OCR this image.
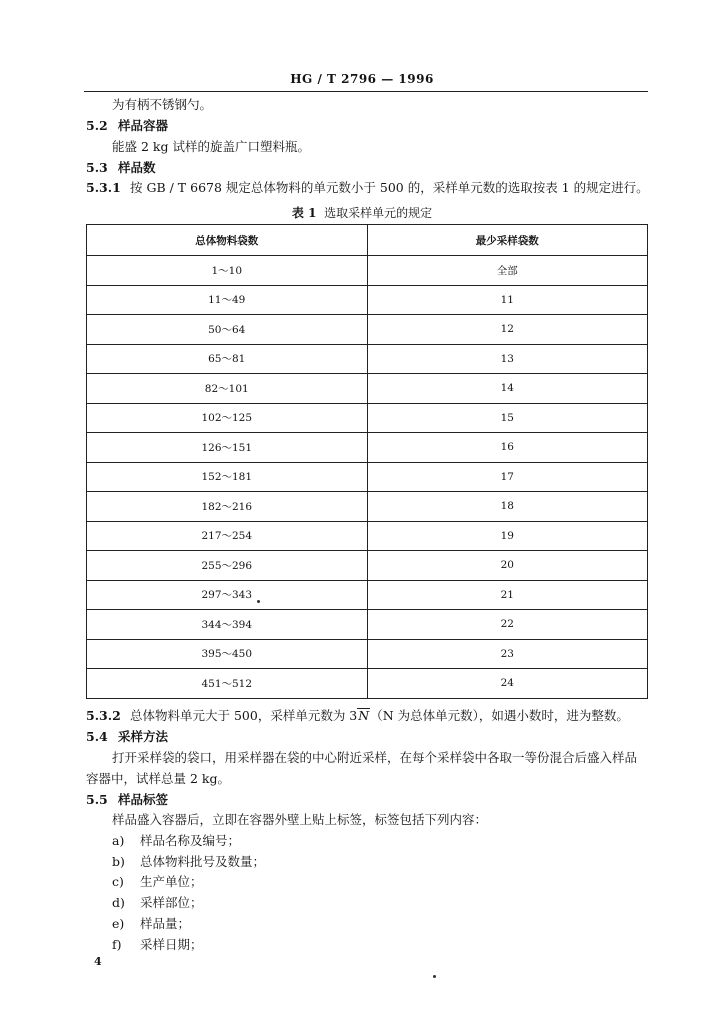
HG / T 2796 — 1996
为有柄不锈钢勺。
5.2 样品容器
能盛 2 kg 试样的旋盖广口塑料瓶。
5.3 样品数
5.3.1 按 GB / T 6678 规定总体物料的单元数小于 500 的，采样单元数的选取按表 1 的规定进行。
表 1 选取采样单元的规定
总体物料袋数	最少采样袋数
1～10	全部
11～49	11
50～64	12
65～81	13
82～101	14
102～125	15
126～151	16
152～181	17
182～216	18
217～254	19
255～296	20
297～343	21
344～394	22
395～450	23
451～512	24
5.3.2 总体物料单元大于 500，采样单元数为 3N（N 为总体单元数），如遇小数时，进为整数。
5.4 采样方法
打开采样袋的袋口，用采样器在袋的中心附近采样，在每个采样袋中各取一等份混合后盛入样品
容器中，试样总量 2 kg。
5.5 样品标签
样品盛入容器后，立即在容器外壁上贴上标签，标签包括下列内容：
a) 样品名称及编号；
b) 总体物料批号及数量；
c) 生产单位；
d) 采样部位；
e) 样品量；
f) 采样日期；
4
